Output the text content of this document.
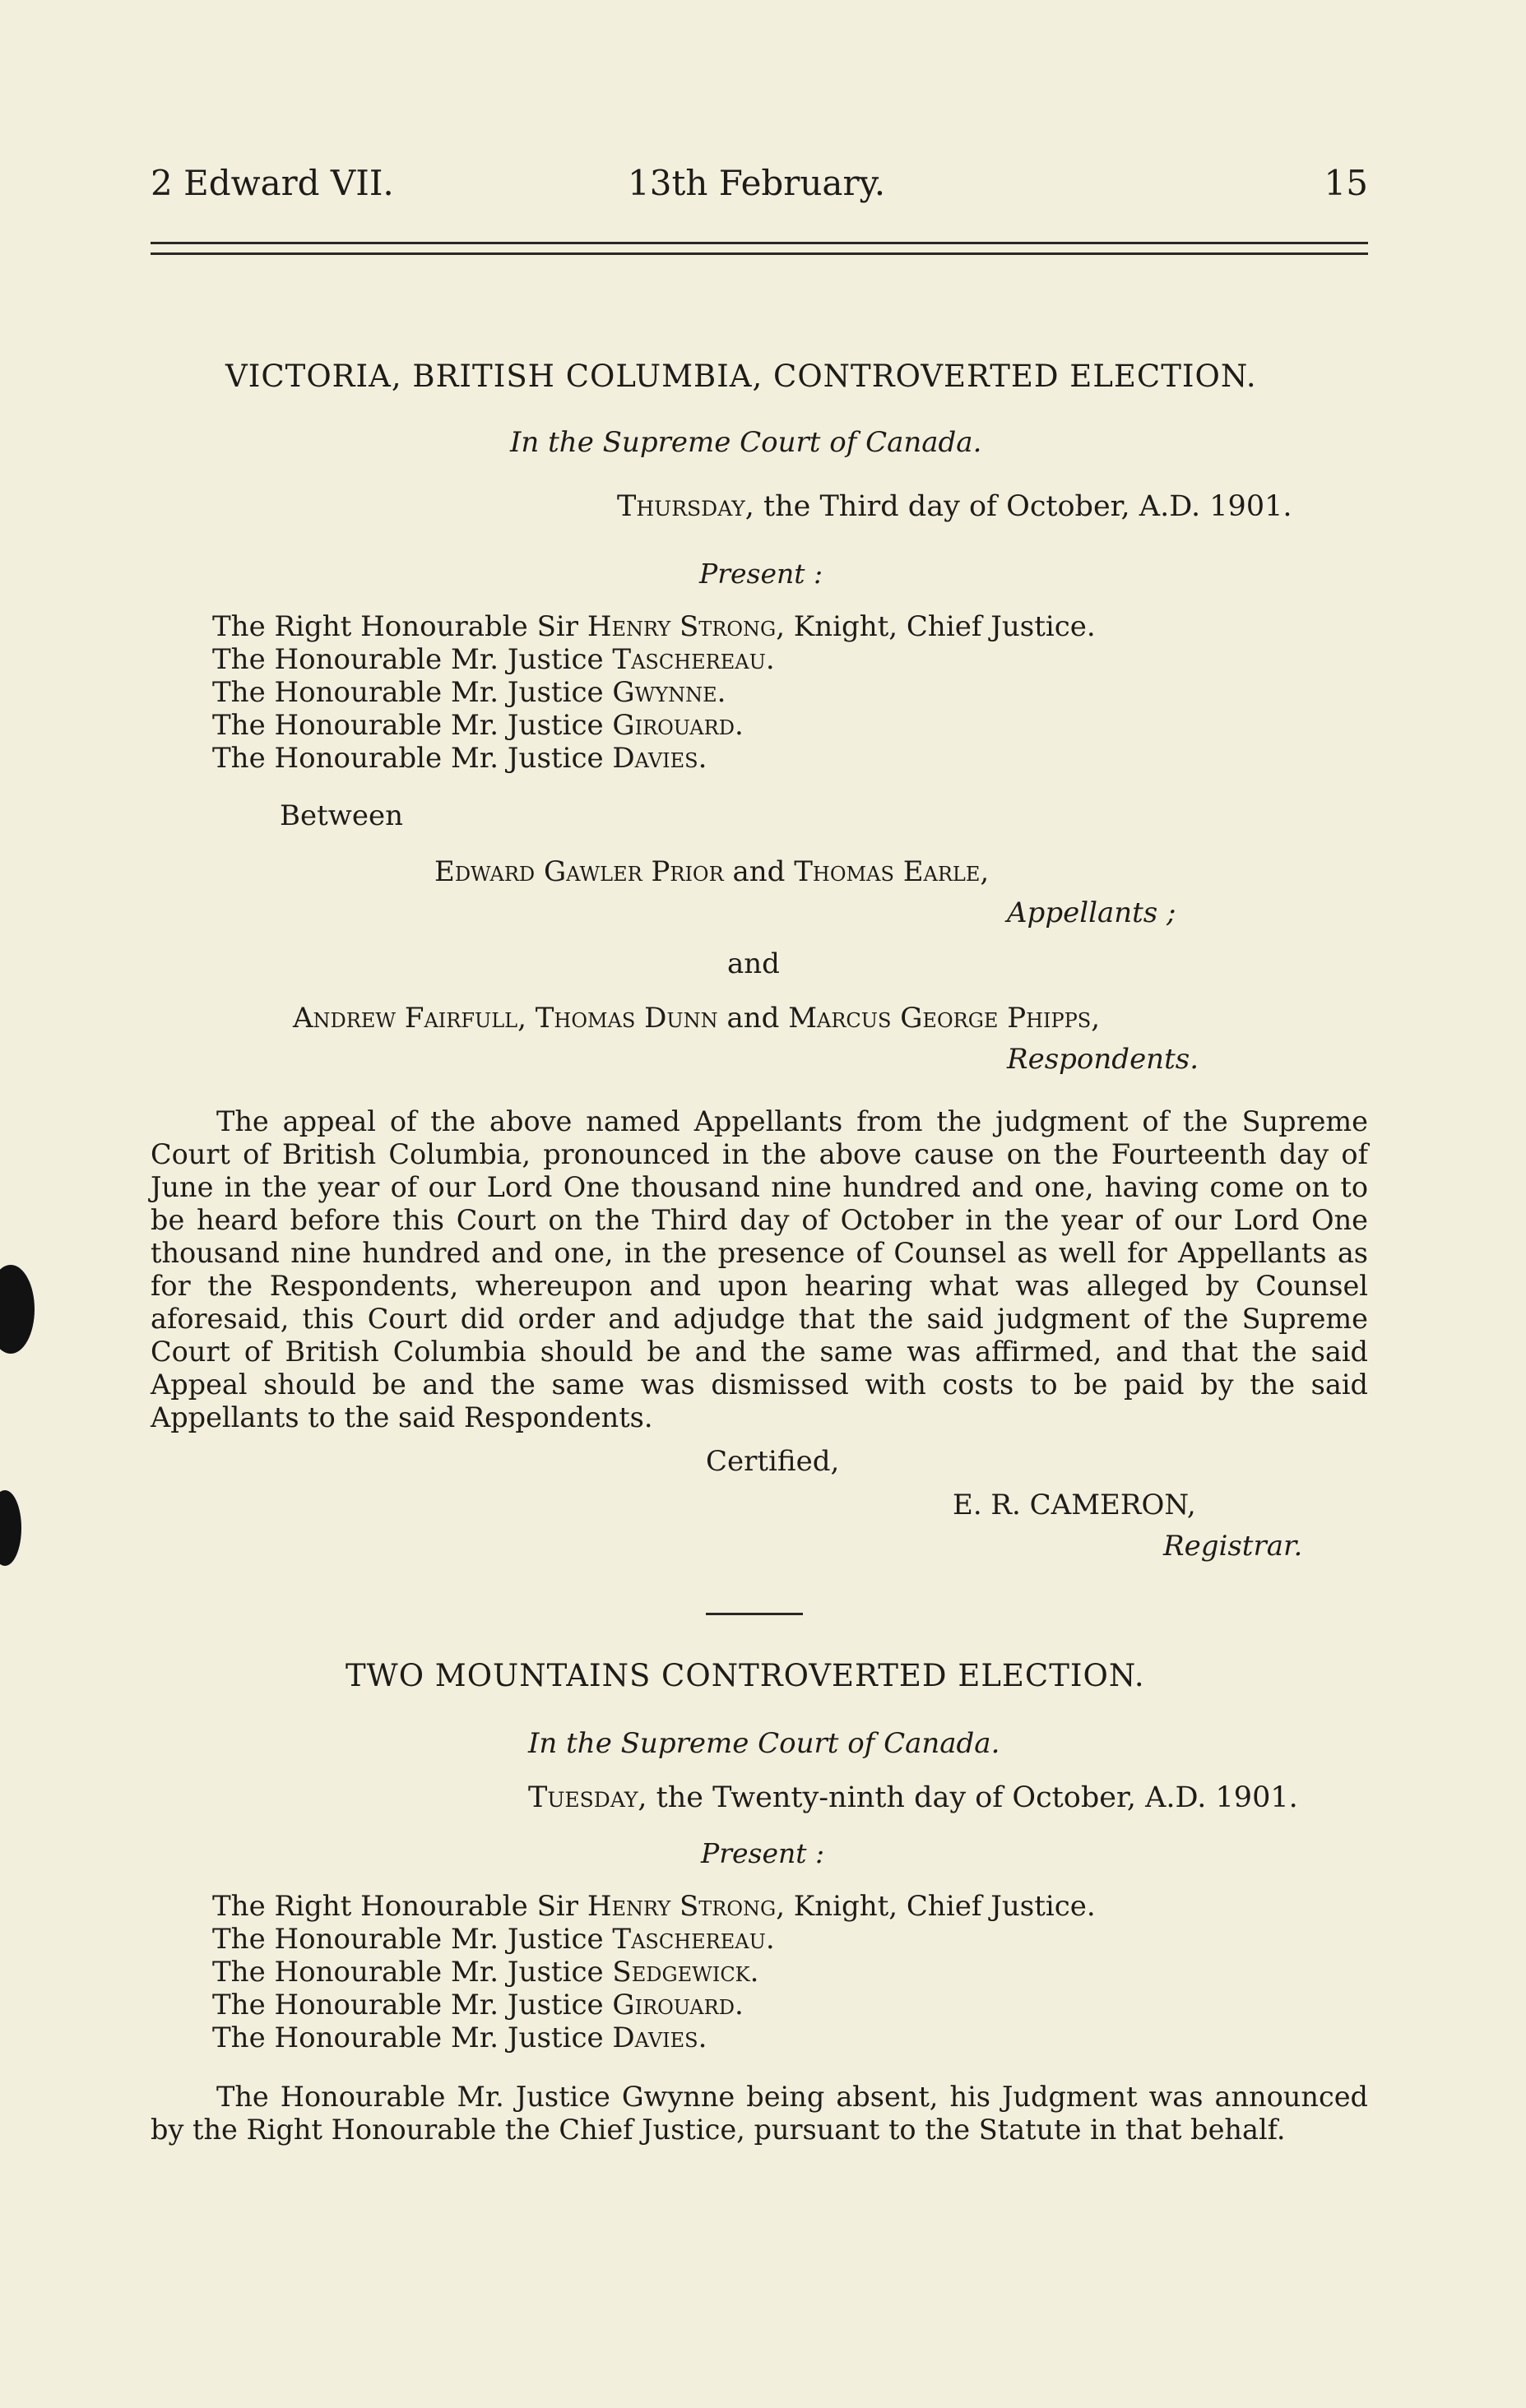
2 Edward VII.	13th February.	15
VICTORIA, BRITISH COLUMBIA, CONTROVERTED ELECTION.
In the Supreme Court of Canada.
Thursday, the Third day of October, A.D. 1901.
Present :
The Right Honourable Sir Henry Strong, Knight, Chief Justice.
The Honourable Mr. Justice Taschereau.
The Honourable Mr. Justice Gwynne.
The Honourable Mr. Justice Girouard.
The Honourable Mr. Justice Davies.
Between
Edward Gawler Prior and Thomas Earle,
Appellants ;
and
Andrew Fairfull, Thomas Dunn and Marcus George Phipps,
Respondents.
The appeal of the above named Appellants from the judgment of the Supreme Court of British Columbia, pronounced in the above cause on the Fourteenth day of June in the year of our Lord One thousand nine hundred and one, having come on to be heard before this Court on the Third day of October in the year of our Lord One thousand nine hundred and one, in the presence of Counsel as well for Appellants as for the Respondents, whereupon and upon hearing what was alleged by Counsel aforesaid, this Court did order and adjudge that the said judgment of the Supreme Court of British Columbia should be and the same was affirmed, and that the said Appeal should be and the same was dismissed with costs to be paid by the said Appellants to the said Respondents.
Certified,
E. R. CAMERON,
Registrar.
TWO MOUNTAINS CONTROVERTED ELECTION.
In the Supreme Court of Canada.
Tuesday, the Twenty-ninth day of October, A.D. 1901.
Present :
The Right Honourable Sir Henry Strong, Knight, Chief Justice.
The Honourable Mr. Justice Taschereau.
The Honourable Mr. Justice Sedgewick.
The Honourable Mr. Justice Girouard.
The Honourable Mr. Justice Davies.
The Honourable Mr. Justice Gwynne being absent, his Judgment was announced by the Right Honourable the Chief Justice, pursuant to the Statute in that behalf.
